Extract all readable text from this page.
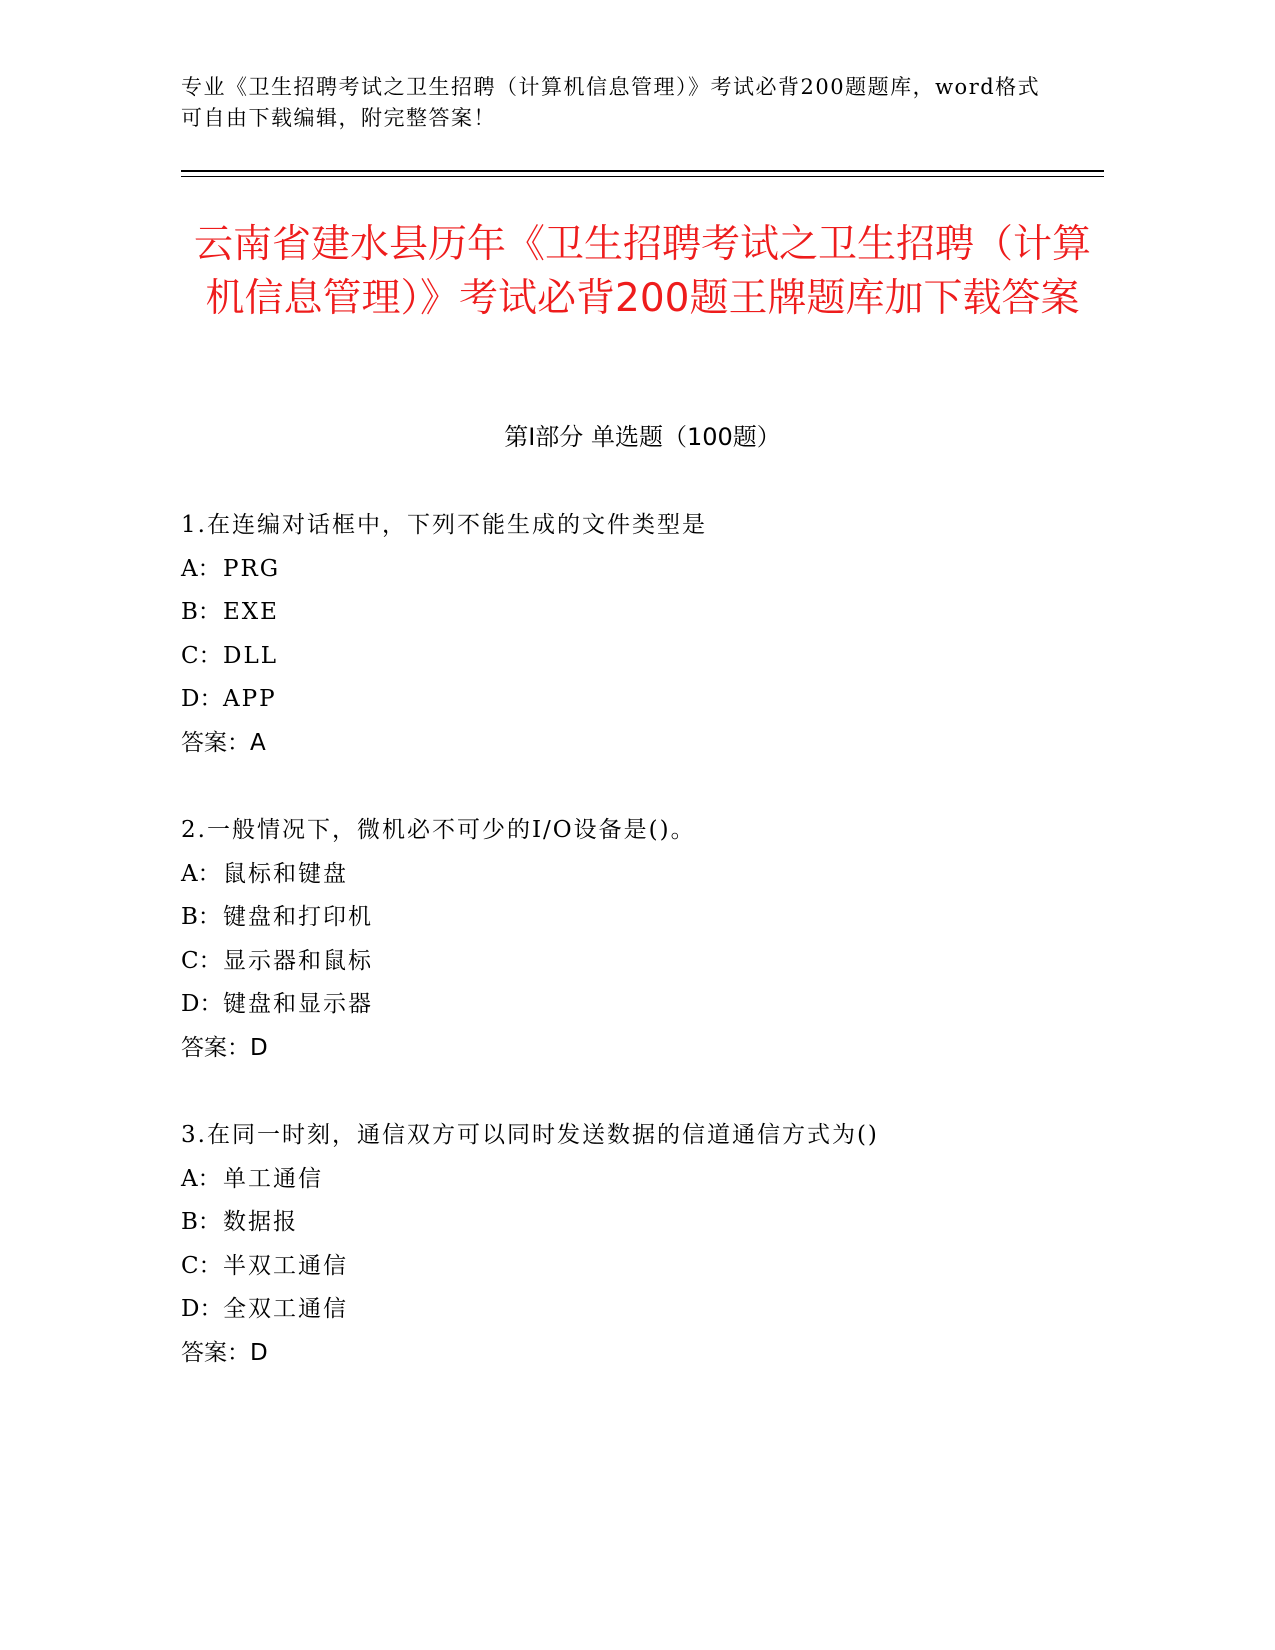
专业《卫生招聘考试之卫生招聘（计算机信息管理）》考试必背200题题库，word格式可自由下载编辑，附完整答案！
云南省建水县历年《卫生招聘考试之卫生招聘（计算机信息管理）》考试必背200题王牌题库加下载答案
第Ⅰ部分 单选题（100题）
1.在连编对话框中，下列不能生成的文件类型是
A： PRG
B：EXE
C：DLL
D：APP
答案：A
2.一般情况下，微机必不可少的I/O设备是()。
A： 鼠标和键盘
B：键盘和打印机
C：显示器和鼠标
D：键盘和显示器
答案：D
3.在同一时刻，通信双方可以同时发送数据的信道通信方式为()
A： 单工通信
B：数据报
C：半双工通信
D：全双工通信
答案：D
